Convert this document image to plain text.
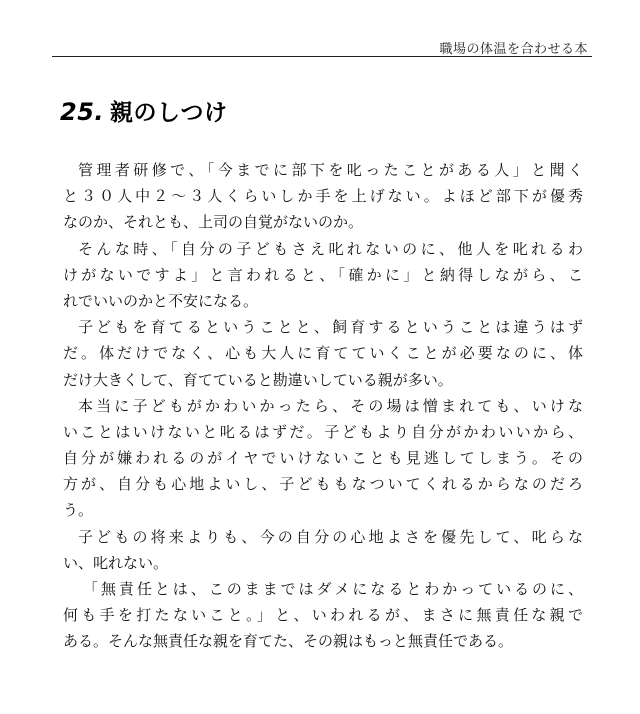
職場の体温を合わせる本
25. 親のしつけ
管理者研修で、「今までに部下を叱ったことがある人」と聞く
と３０人中２〜３人くらいしか手を上げない。よほど部下が優秀
なのか、それとも、上司の自覚がないのか。
そんな時、「自分の子どもさえ叱れないのに、他人を叱れるわ
けがないですよ」と言われると、「確かに」と納得しながら、こ
れでいいのかと不安になる。
子どもを育てるということと、飼育するということは違うはず
だ。体だけでなく、心も大人に育てていくことが必要なのに、体
だけ大きくして、育てていると勘違いしている親が多い。
本当に子どもがかわいかったら、その場は憎まれても、いけな
いことはいけないと叱るはずだ。子どもより自分がかわいいから、
自分が嫌われるのがイヤでいけないことも見逃してしまう。その
方が、自分も心地よいし、子どももなついてくれるからなのだろ
う。
子どもの将来よりも、今の自分の心地よさを優先して、叱らな
い、叱れない。
「無責任とは、このままではダメになるとわかっているのに、
何も手を打たないこと。」と、いわれるが、まさに無責任な親で
ある。そんな無責任な親を育てた、その親はもっと無責任である。
